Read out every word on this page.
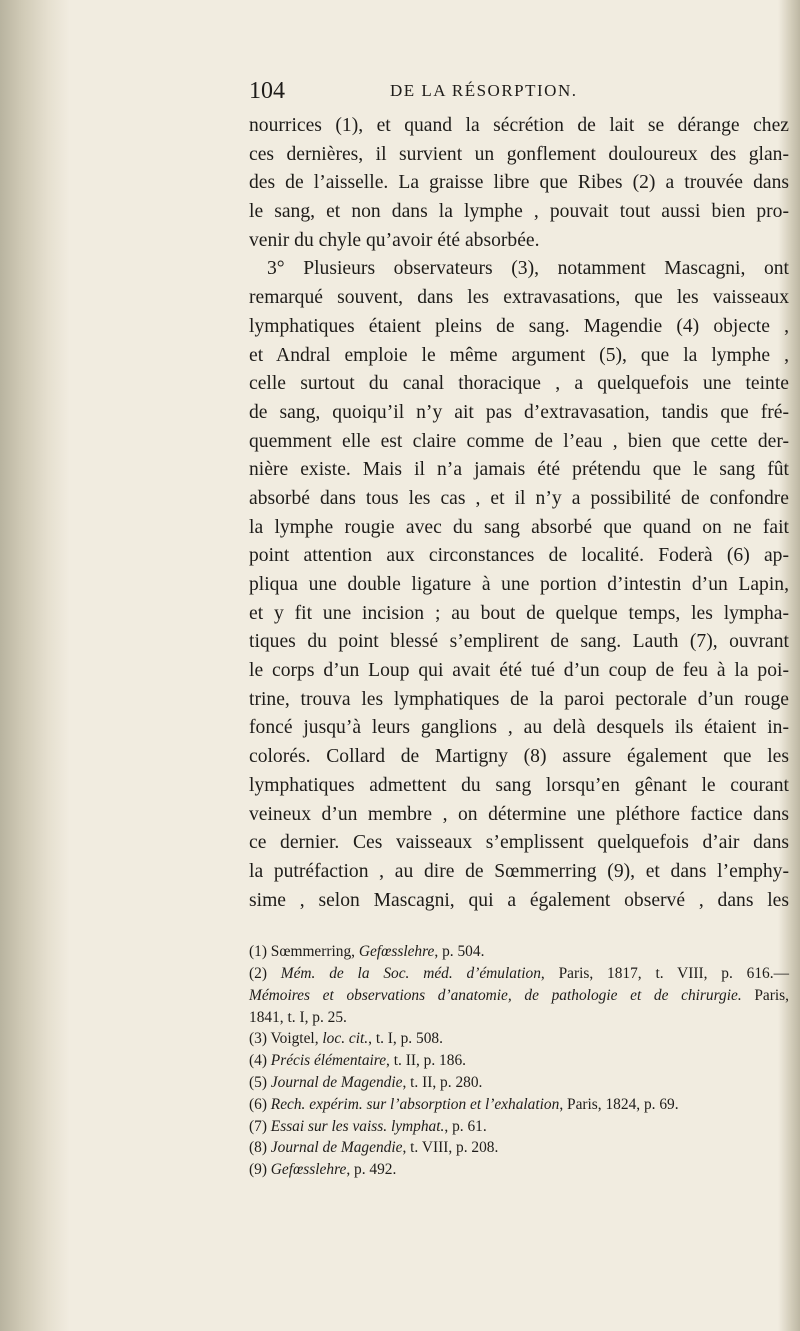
104	DE LA RÉSORPTION.
nourrices (1), et quand la sécrétion de lait se dérange chez
ces dernières, il survient un gonflement douloureux des glan-
des de l’aisselle. La graisse libre que Ribes (2) a trouvée dans
le sang, et non dans la lymphe , pouvait tout aussi bien pro-
venir du chyle qu’avoir été absorbée.
3° Plusieurs observateurs (3), notamment Mascagni, ont
remarqué souvent, dans les extravasations, que les vaisseaux
lymphatiques étaient pleins de sang. Magendie (4) objecte ,
et Andral emploie le même argument (5), que la lymphe ,
celle surtout du canal thoracique , a quelquefois une teinte
de sang, quoiqu’il n’y ait pas d’extravasation, tandis que fré-
quemment elle est claire comme de l’eau , bien que cette der-
nière existe. Mais il n’a jamais été prétendu que le sang fût
absorbé dans tous les cas , et il n’y a possibilité de confondre
la lymphe rougie avec du sang absorbé que quand on ne fait
point attention aux circonstances de localité. Foderà (6) ap-
pliqua une double ligature à une portion d’intestin d’un Lapin,
et y fit une incision ; au bout de quelque temps, les lympha-
tiques du point blessé s’emplirent de sang. Lauth (7), ouvrant
le corps d’un Loup qui avait été tué d’un coup de feu à la poi-
trine, trouva les lymphatiques de la paroi pectorale d’un rouge
foncé jusqu’à leurs ganglions , au delà desquels ils étaient in-
colorés. Collard de Martigny (8) assure également que les
lymphatiques admettent du sang lorsqu’en gênant le courant
veineux d’un membre , on détermine une pléthore factice dans
ce dernier. Ces vaisseaux s’emplissent quelquefois d’air dans
la putréfaction , au dire de Sœmmerring (9), et dans l’emphy-
sime , selon Mascagni, qui a également observé , dans les
(1) Sœmmerring, Gefœsslehre, p. 504.
(2) Mém. de la Soc. méd. d’émulation, Paris, 1817, t. VIII, p. 616.—
Mémoires et observations d’anatomie, de pathologie et de chirurgie. Paris,
1841, t. I, p. 25.
(3) Voigtel, loc. cit., t. I, p. 508.
(4) Précis élémentaire, t. II, p. 186.
(5) Journal de Magendie, t. II, p. 280.
(6) Rech. expérim. sur l’absorption et l’exhalation, Paris, 1824, p. 69.
(7) Essai sur les vaiss. lymphat., p. 61.
(8) Journal de Magendie, t. VIII, p. 208.
(9) Gefœsslehre, p. 492.
